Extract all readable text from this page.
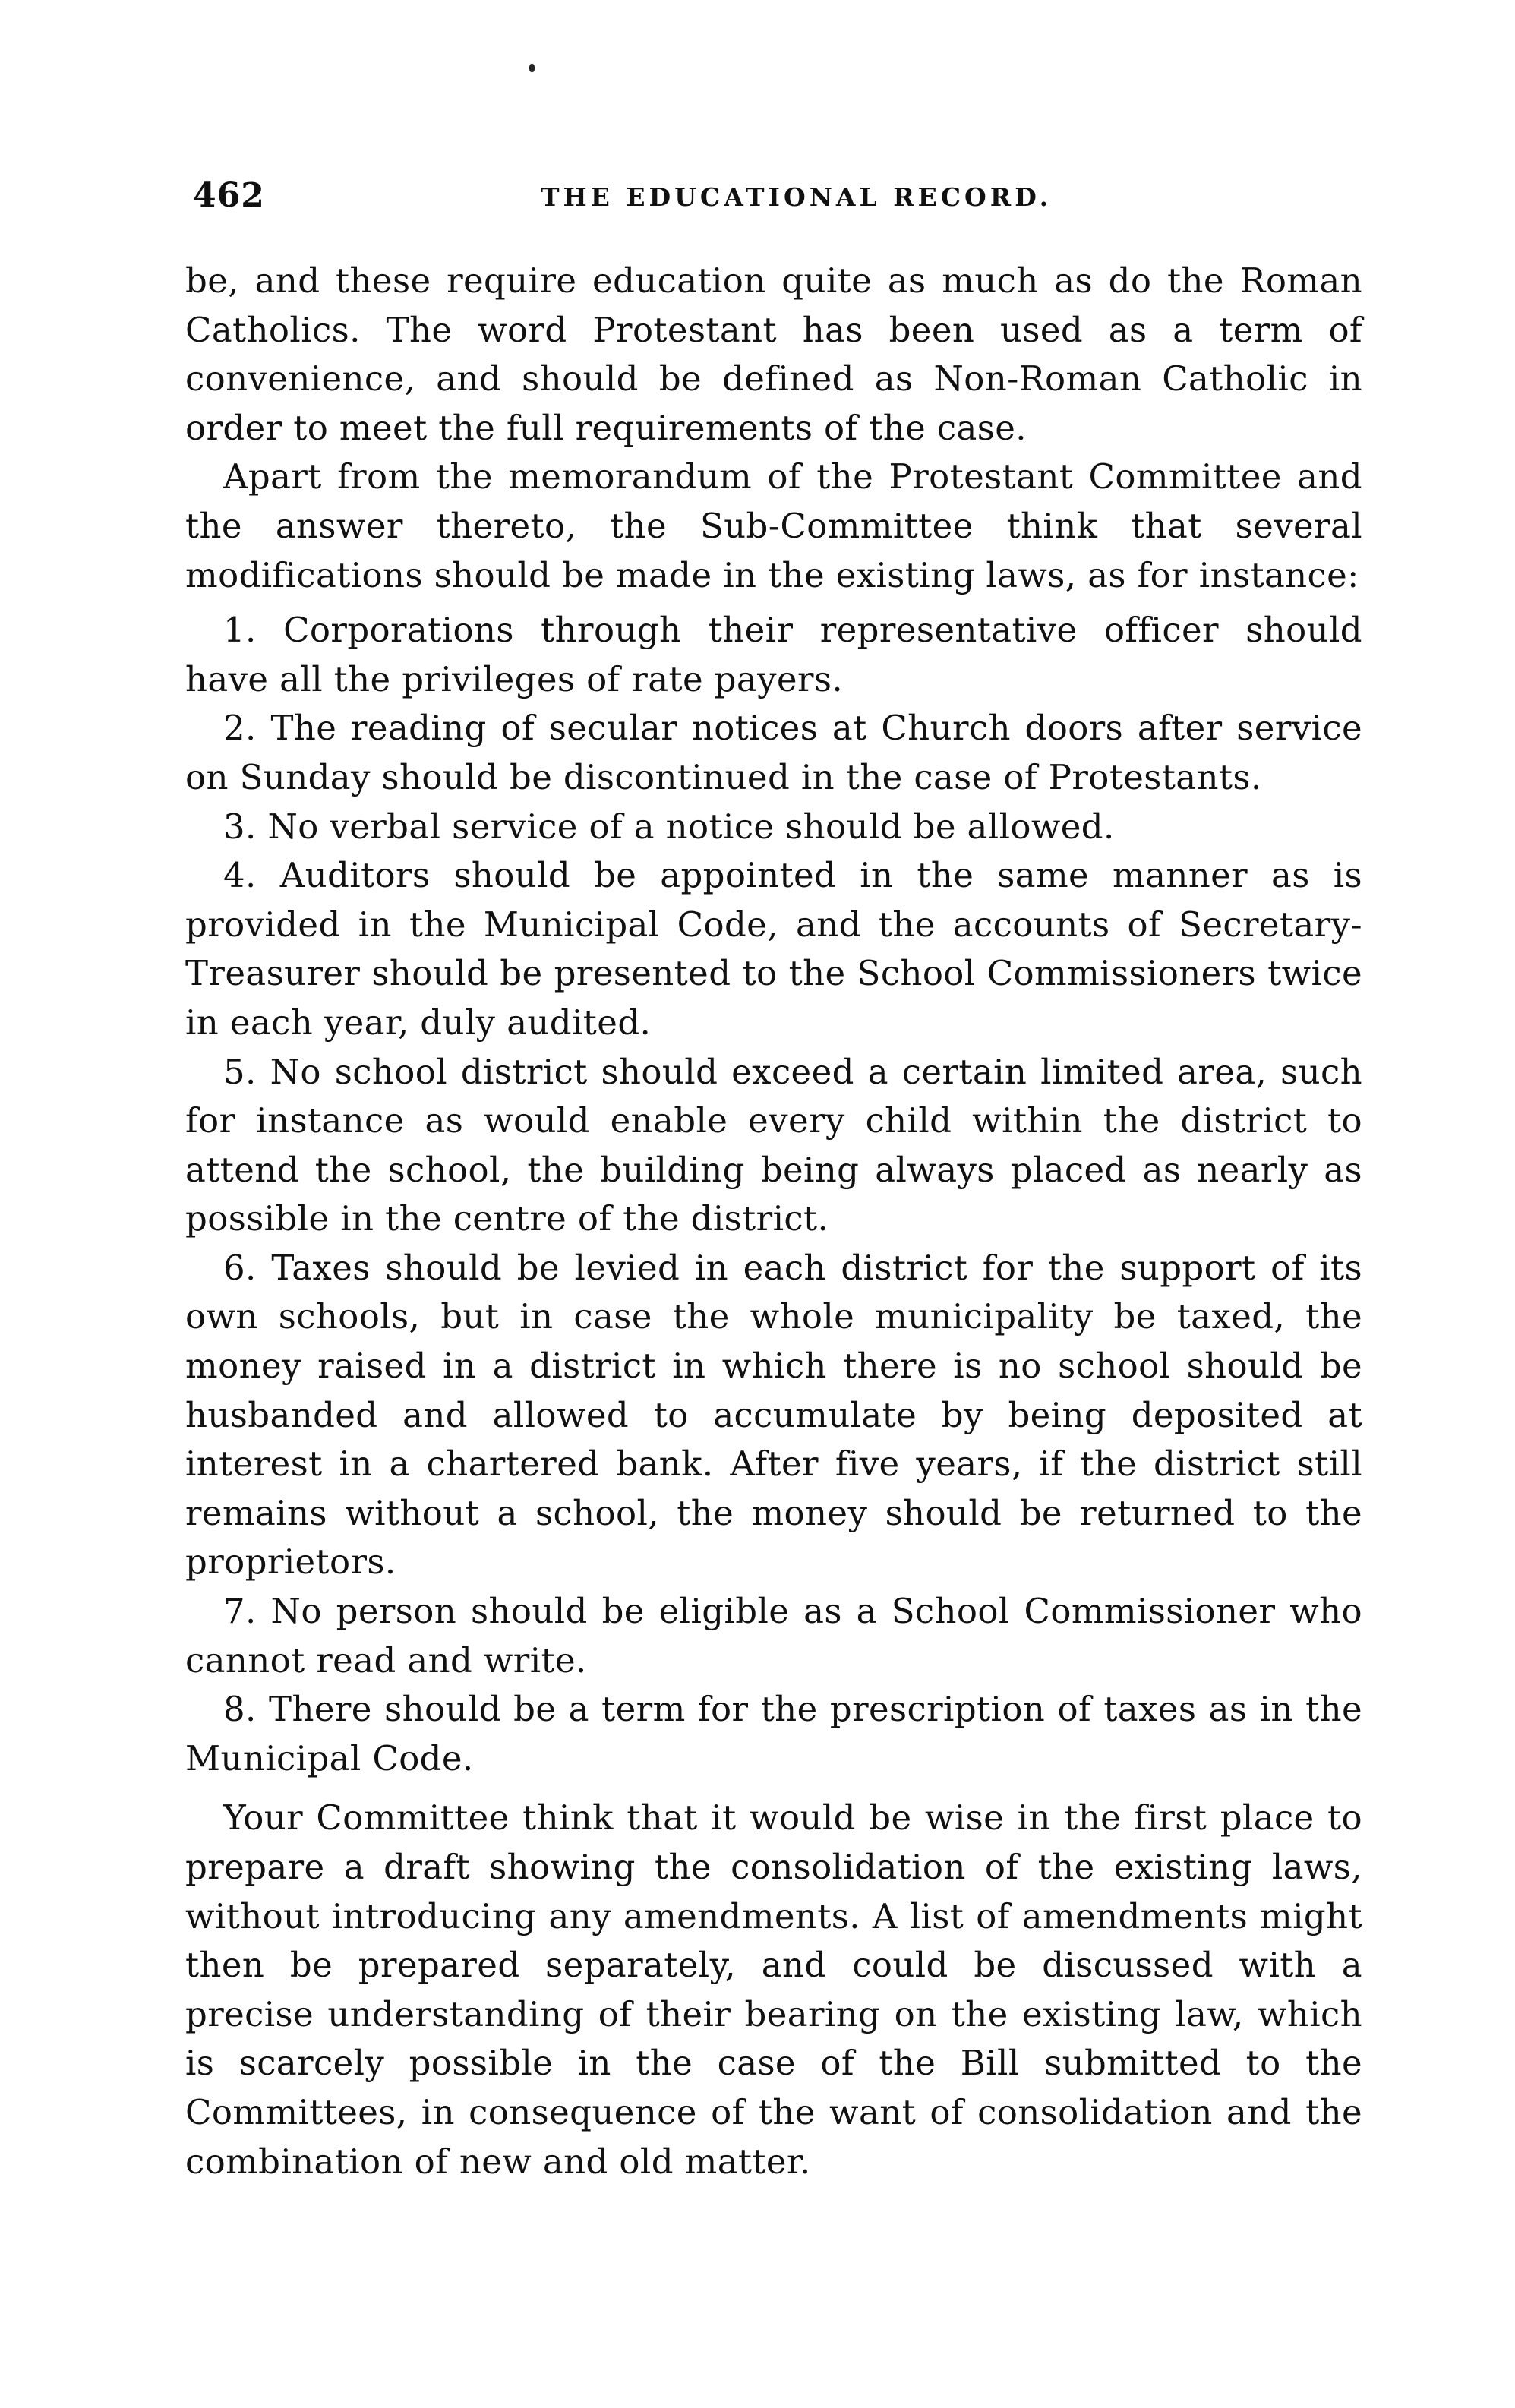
462	THE EDUCATIONAL RECORD.

be, and these require education quite as much as do the Roman Catholics. The word Protestant has been used as a term of convenience, and should be defined as Non-Roman Catholic in order to meet the full requirements of the case.

Apart from the memorandum of the Protestant Committee and the answer thereto, the Sub-Committee think that several modifications should be made in the existing laws, as for instance:

1. Corporations through their representative officer should have all the privileges of rate payers.

2. The reading of secular notices at Church doors after service on Sunday should be discontinued in the case of Protestants.

3. No verbal service of a notice should be allowed.

4. Auditors should be appointed in the same manner as is provided in the Municipal Code, and the accounts of Secretary-Treasurer should be presented to the School Commissioners twice in each year, duly audited.

5. No school district should exceed a certain limited area, such for instance as would enable every child within the district to attend the school, the building being always placed as nearly as possible in the centre of the district.

6. Taxes should be levied in each district for the support of its own schools, but in case the whole municipality be taxed, the money raised in a district in which there is no school should be husbanded and allowed to accumulate by being deposited at interest in a chartered bank. After five years, if the district still remains without a school, the money should be returned to the proprietors.

7. No person should be eligible as a School Commissioner who cannot read and write.

8. There should be a term for the prescription of taxes as in the Municipal Code.

Your Committee think that it would be wise in the first place to prepare a draft showing the consolidation of the existing laws, without introducing any amendments. A list of amendments might then be prepared separately, and could be discussed with a precise understanding of their bearing on the existing law, which is scarcely possible in the case of the Bill submitted to the Committees, in consequence of the want of consolidation and the combination of new and old matter.
